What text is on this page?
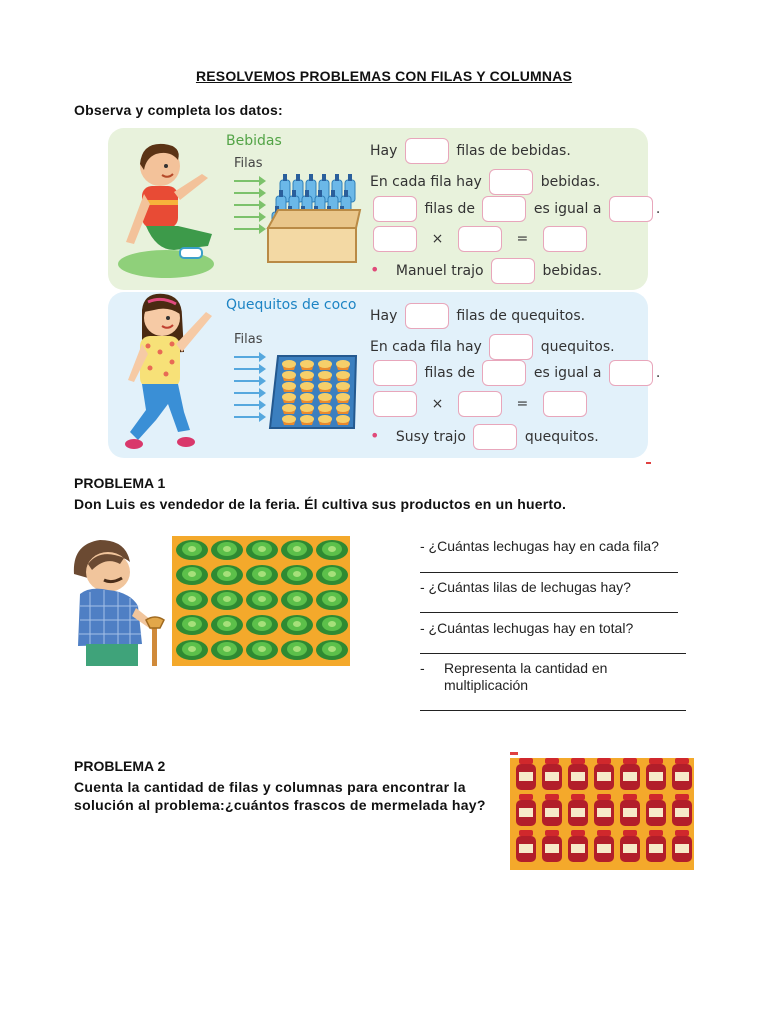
RESOLVEMOS PROBLEMAS CON FILAS Y COLUMNAS
Observa y completa los datos:
Bebidas
Filas
Hay	filas de bebidas.
En cada fila hay	bebidas.
filas de	es igual a	.
×	=
• Manuel trajo	bebidas.
Quequitos de coco
Filas
Hay	filas de quequitos.
En cada fila hay	quequitos.
filas de	es igual a	.
×	=
• Susy trajo	quequitos.
PROBLEMA 1
Don Luis es vendedor de la feria. Él cultiva sus productos en un huerto.
- ¿Cuántas lechugas hay en cada fila?
- ¿Cuántas lilas de lechugas hay?
- ¿Cuántas lechugas hay en total?
- Representa la cantidad en
multiplicación
PROBLEMA 2
Cuenta la cantidad de filas y columnas para encontrar la solución al problema:¿cuántos frascos de mermelada hay?
